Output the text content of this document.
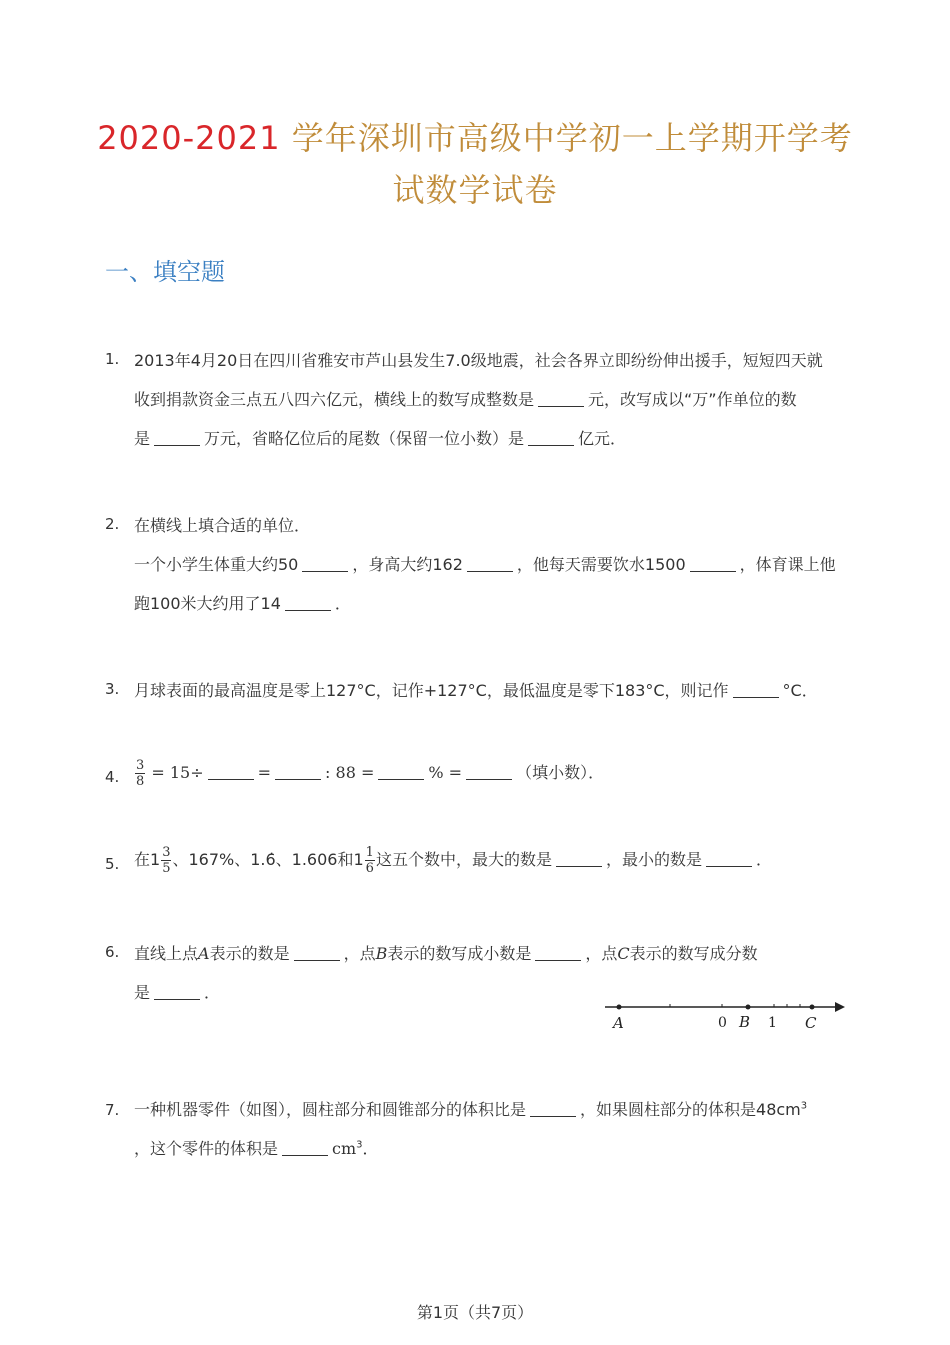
2020-2021 学年深圳市高级中学初一上学期开学考
试数学试卷
一、填空题
1. 2013年4月20日在四川省雅安市芦山县发生7.0级地震，社会各界立即纷纷伸出援手，短短四天就
收到捐款资金三点五八四六亿元，横线上的数写成整数是	元，改写成以“万”作单位的数
是	万元，省略亿位后的尾数（保留一位小数）是	亿元．
2. 在横线上填合适的单位．
一个小学生体重大约50	，身高大约162	，他每天需要饮水1500	，体育课上他
跑100米大约用了14	．
3. 月球表面的最高温度是零上127°C，记作+127°C，最低温度是零下183°C，则记作	°C．
4.	$\frac{3}{8} = 15\div$	=	: 88 =	% =	（填小数）．
5. 在$1 \frac{3}{5}$ 、167%、1.6̇、1.606和$1 \frac{1}{6}$ 这五个数中，最大的数是	，最小的数是	．
6. 直线上点A表示的数是	，点B表示的数写成小数是	，点C表示的数写成分数
是	．
A	0 B 1 C
7. 一种机器零件（如图），圆柱部分和圆锥部分的体积比是	，如果圆柱部分的体积是$48cm^3$
，这个零件的体积是	$cm^3$．
第1页（共7页）
